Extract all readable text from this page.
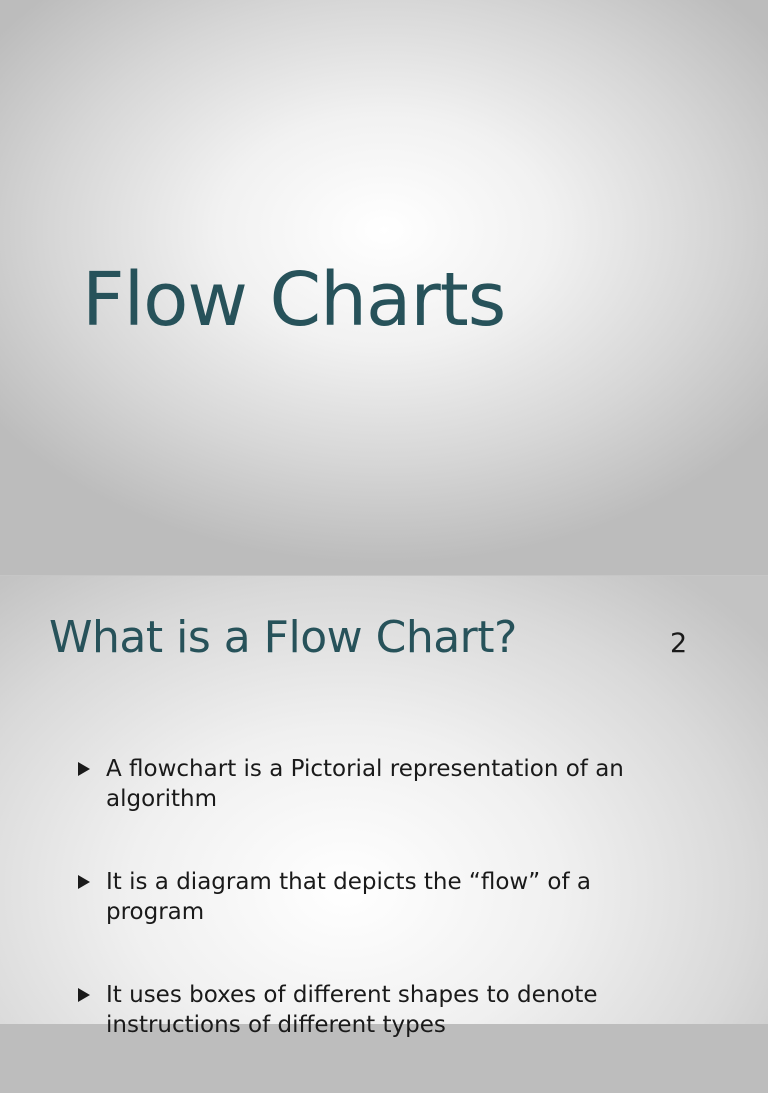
Flow Charts
What is a Flow Chart?	2
A flowchart is a Pictorial representation of an algorithm
It is a diagram that depicts the “flow” of a program
It uses boxes of different shapes to denote instructions of different types
